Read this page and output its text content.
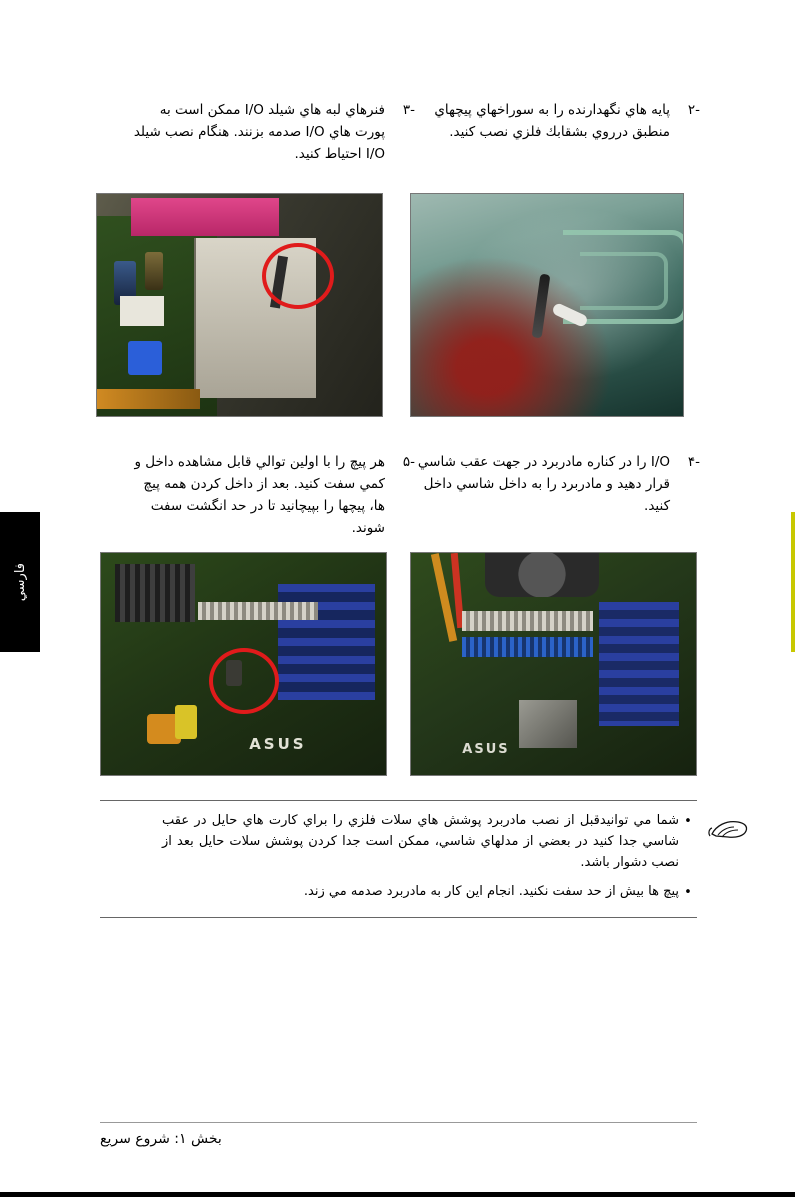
فارسي
-۲
پايه هاي نگهدارنده را به سوراخهاي پيچهاي منطبق درروي بشقابك فلزي نصب كنيد.
-۳
فنرهاي لبه هاي شيلد I/O ممكن است به پورت هاي I/O صدمه بزنند. هنگام نصب شيلد I/O احتياط كنيد.
-۴
I/O را در كناره مادربرد در جهت عقب شاسي قرار دهيد و مادربرد را به داخل شاسي داخل كنيد.
-۵
هر پيچ را با اولين توالي قابل مشاهده داخل و كمي سفت كنيد. بعد از داخل كردن همه پيچ ها، پيچها را بپيچانيد تا در حد انگشت سفت شوند.
ASUS
ASUS
•
شما مي توانيدقبل از نصب مادربرد پوشش هاي سلات فلزي را براي كارت هاي حايل در عقب شاسي جدا كنيد در بعضي از مدلهاي شاسي، ممكن است جدا كردن پوشش سلات حايل بعد از نصب دشوار باشد.
•
پيچ ها بيش از حد سفت نكنيد. انجام اين كار به مادربرد صدمه مي زند.
بخش ۱: شروع سريع
